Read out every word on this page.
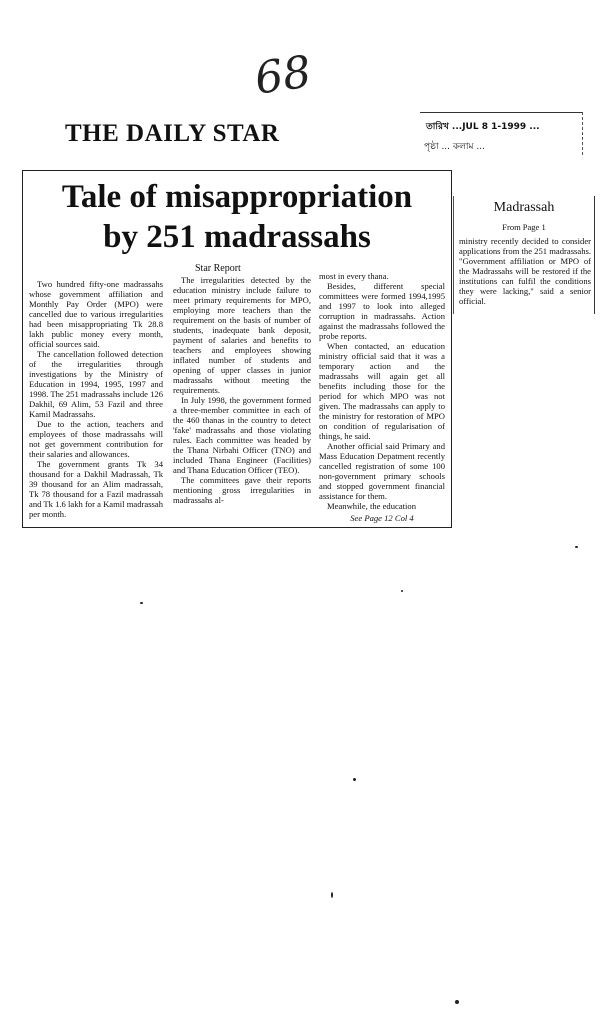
68
THE DAILY STAR	তারিখ ...JUL 8 1-1999 ...
পৃষ্ঠা ... কলাম ...
Tale of misappropriation
by 251 madrassahs
Star Report

Two hundred fifty-one madrassahs whose government affiliation and Monthly Pay Order (MPO) were cancelled due to various irregularities had been misappropriating Tk 28.8 lakh public money every month, official sources said.

The cancellation followed detection of the irregularities through investigations by the Ministry of Education in 1994, 1995, 1997 and 1998. The 251 madrassahs include 126 Dakhil, 69 Alim, 53 Fazil and three Kamil Madrassahs.

Due to the action, teachers and employees of those madrassahs will not get government contribution for their salaries and allowances.

The government grants Tk 34 thousand for a Dakhil Madrassah, Tk 39 thousand for an Alim madrassah, Tk 78 thousand for a Fazil madrassah and Tk 1.6 lakh for a Kamil madrassah per month.

The irregularities detected by the education ministry include failure to meet primary requirements for MPO, employing more teachers than the requirement on the basis of number of students, inadequate bank deposit, payment of salaries and benefits to teachers and employees showing inflated number of students and opening of upper classes in junior madrassahs without meeting the requirements.

In July 1998, the government formed a three-member committee in each of the 460 thanas in the country to detect 'fake' madrassahs and those violating rules. Each committee was headed by the Thana Nirbahi Officer (TNO) and included Thana Engineer (Facilities) and Thana Education Officer (TEO).

The committees gave their reports mentioning gross irregularities in madrassahs al-

most in every thana.

Besides, different special committees were formed 1994,1995 and 1997 to look into alleged corruption in madrassahs. Action against the madrassahs followed the probe reports.

When contacted, an education ministry official said that it was a temporary action and the madrassahs will again get all benefits including those for the period for which MPO was not given. The madrassahs can apply to the ministry for restoration of MPO on condition of regularisation of things, he said.

Another official said Primary and Mass Education Depatment recently cancelled registration of some 100 non-government primary schools and stopped government financial assistance for them.

Meanwhile, the education

See Page 12 Col 4
Madrassah
From Page 1

ministry recently decided to consider applications from the 251 madrassahs. "Government affiliation or MPO of the Madrassahs will be restored if the institutions can fulfil the conditions they were lacking," said a senior official.
